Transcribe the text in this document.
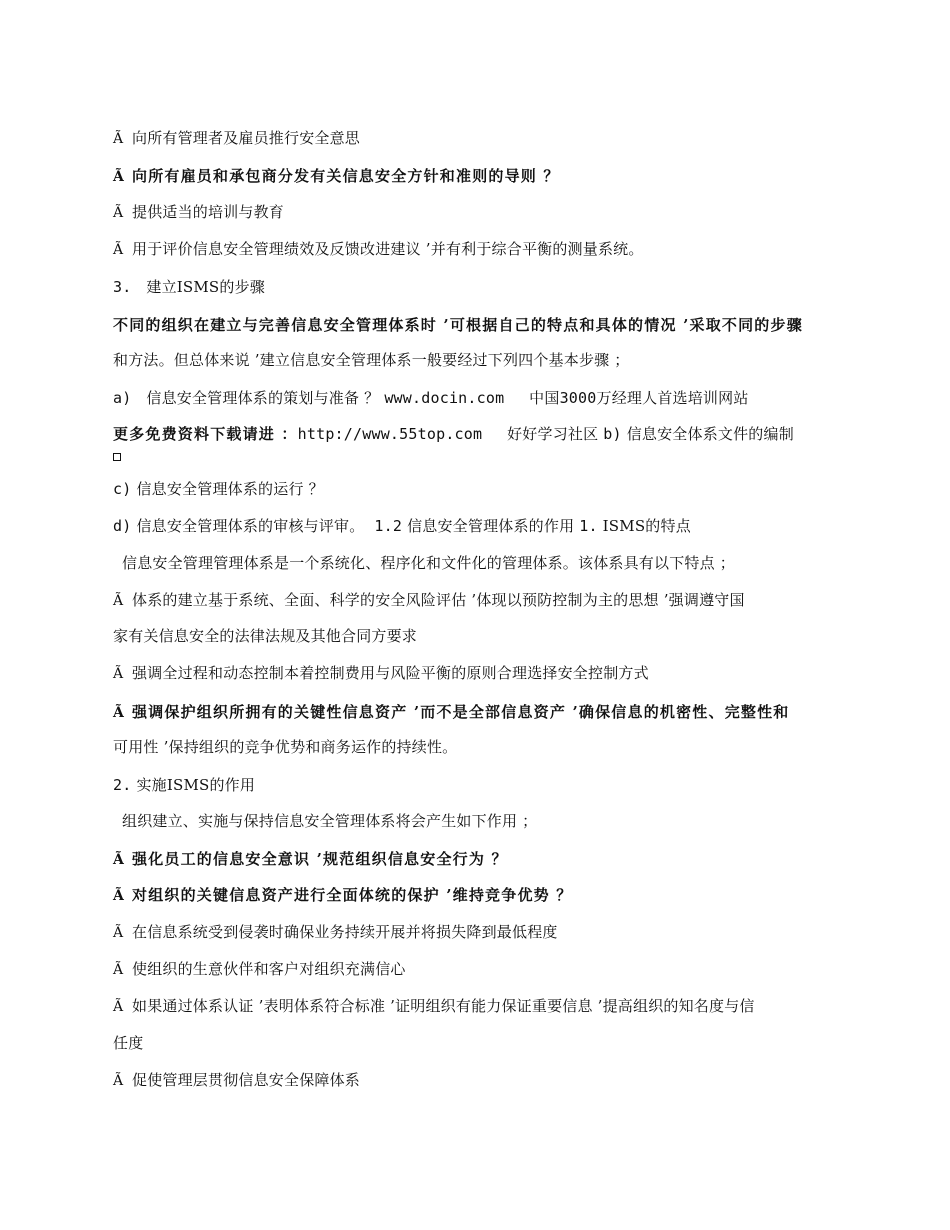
Ã 向所有管理者及雇员推行安全意思
Ã 向所有雇员和承包商分发有关信息安全方针和准则的导则 ？
Ã 提供适当的培训与教育
Ã 用于评价信息安全管理绩效及反馈改进建议 ’并有利于综合平衡的测量系统。
3. 建立ISMS的步骤
不同的组织在建立与完善信息安全管理体系时 ’可根据自己的特点和具体的情况 ’采取不同的步骤
和方法。但总体来说 ’建立信息安全管理体系一般要经过下列四个基本步骤 ；
a) 信息安全管理体系的策划与准备 ？ www.docin.com 中国3000万经理人首选培训网站
更多免费资料下载请进 ：http://www.55top.com 好好学习社区 b) 信息安全体系文件的编制
c) 信息安全管理体系的运行 ？
d) 信息安全管理体系的审核与评审。 1.2 信息安全管理体系的作用 1. ISMS的特点
信息安全管理管理体系是一个系统化、程序化和文件化的管理体系。该体系具有以下特点 ；
Ã 体系的建立基于系统、全面、科学的安全风险评估 ’体现以预防控制为主的思想 ’强调遵守国
家有关信息安全的法律法规及其他合同方要求
Ã 强调全过程和动态控制本着控制费用与风险平衡的原则合理选择安全控制方式
Ã 强调保护组织所拥有的关键性信息资产 ’而不是全部信息资产 ’确保信息的机密性、完整性和
可用性 ’保持组织的竞争优势和商务运作的持续性。
2. 实施ISMS的作用
组织建立、实施与保持信息安全管理体系将会产生如下作用 ；
Ã 强化员工的信息安全意识 ’规范组织信息安全行为 ？
Ã 对组织的关键信息资产进行全面体统的保护 ’维持竞争优势 ？
Ã 在信息系统受到侵袭时确保业务持续开展并将损失降到最低程度
Ã 使组织的生意伙伴和客户对组织充满信心
Ã 如果通过体系认证 ’表明体系符合标准 ’证明组织有能力保证重要信息 ’提高组织的知名度与信
任度
Ã 促使管理层贯彻信息安全保障体系
